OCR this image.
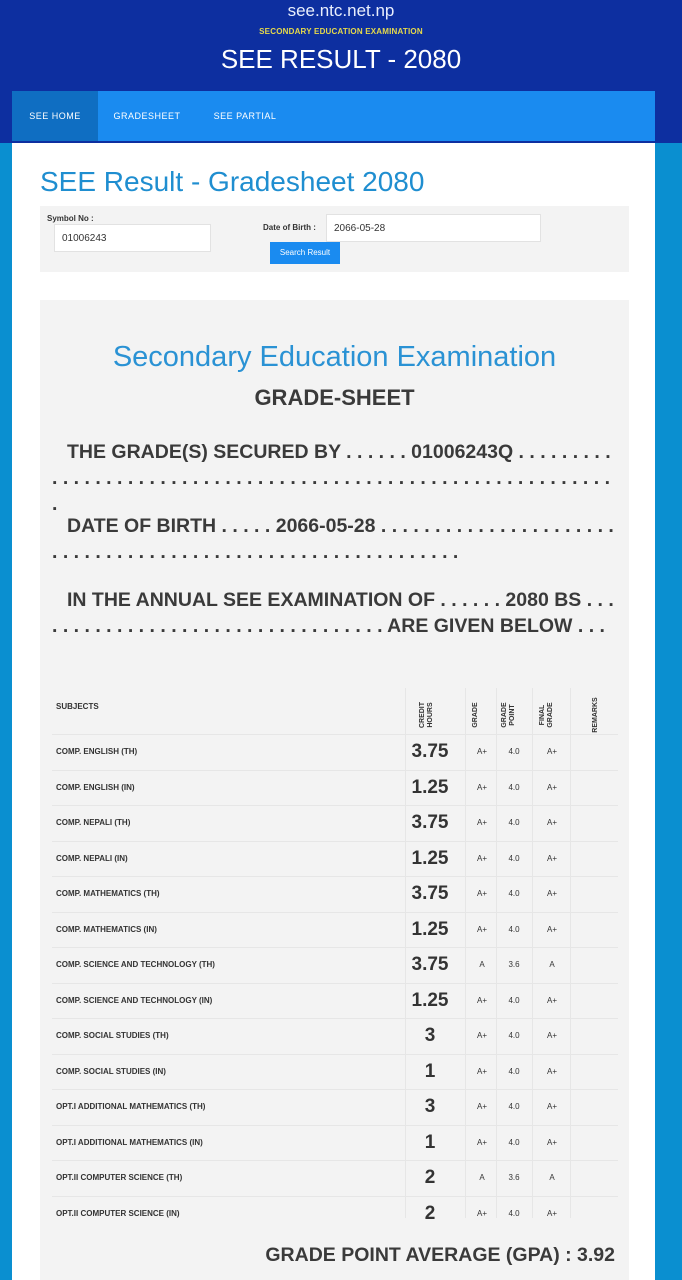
see.ntc.net.np
SECONDARY EDUCATION EXAMINATION
SEE RESULT - 2080
SEE HOME	GRADESHEET	SEE PARTIAL
SEE Result - Gradesheet 2080
Symbol No :
01006243
Date of Birth :	2066-05-28
Search Result
Secondary Education Examination
GRADE-SHEET
THE GRADE(S) SECURED BY . . . . . . 01006243Q . . . . . . . . . . . . . . . . . . . . . . . . . . . . . . . . . . . . . . . . . . . . . . . . . . . . . . . . . . . . . .
DATE OF BIRTH . . . . . 2066-05-28 . . . . . . . . . . . . . . . . . . . . . . . . . . . . . . . . . . . . . . . . . . . . . . . . . . . . . . . . . . . .
IN THE ANNUAL SEE EXAMINATION OF . . . . . . 2080 BS . . . . . . . . . . . . . . . . . . . . . . . . . . . . . . . . . . ARE GIVEN BELOW . . .
SUBJECTS	CREDIT HOURS	GRADE	GRADE POINT	FINAL GRADE	REMARKS
COMP. ENGLISH (TH)	3.75	A+	4.0	A+
COMP. ENGLISH (IN)	1.25	A+	4.0	A+
COMP. NEPALI (TH)	3.75	A+	4.0	A+
COMP. NEPALI (IN)	1.25	A+	4.0	A+
COMP. MATHEMATICS (TH)	3.75	A+	4.0	A+
COMP. MATHEMATICS (IN)	1.25	A+	4.0	A+
COMP. SCIENCE AND TECHNOLOGY (TH)	3.75	A	3.6	A
COMP. SCIENCE AND TECHNOLOGY (IN)	1.25	A+	4.0	A+
COMP. SOCIAL STUDIES (TH)	3	A+	4.0	A+
COMP. SOCIAL STUDIES (IN)	1	A+	4.0	A+
OPT.I ADDITIONAL MATHEMATICS (TH)	3	A+	4.0	A+
OPT.I ADDITIONAL MATHEMATICS (IN)	1	A+	4.0	A+
OPT.II COMPUTER SCIENCE (TH)	2	A	3.6	A
OPT.II COMPUTER SCIENCE (IN)	2	A+	4.0	A+
GRADE POINT AVERAGE (GPA) : 3.92
